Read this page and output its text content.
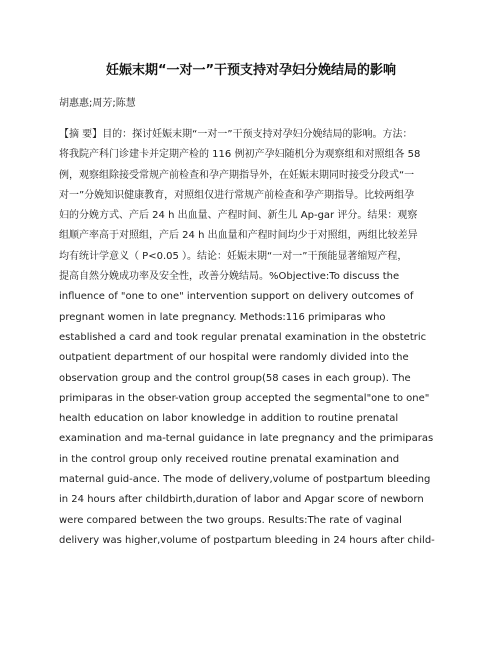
妊娠末期“一对一”干预支持对孕妇分娩结局的影响
胡惠惠;周芳;陈慧
【摘 要】目的：探讨妊娠末期“一对一”干预支持对孕妇分娩结局的影响。方法：
将我院产科门诊建卡并定期产检的 116 例初产孕妇随机分为观察组和对照组各 58
例，观察组除接受常规产前检查和孕产期指导外，在妊娠末期同时接受分段式“一
对一”分娩知识健康教育，对照组仅进行常规产前检查和孕产期指导。比较两组孕
妇的分娩方式、产后 24 h 出血量、产程时间、新生儿 Ap-gar 评分。结果：观察
组顺产率高于对照组，产后 24 h 出血量和产程时间均少于对照组，两组比较差异
均有统计学意义（ P<0.05 ）。结论：妊娠末期“一对一”干预能显著缩短产程，
提高自然分娩成功率及安全性，改善分娩结局。%Objective:To discuss the
influence of "one to one" intervention support on delivery outcomes of
pregnant women in late pregnancy. Methods:116 primiparas who
established a card and took regular prenatal examination in the obstetric
outpatient department of our hospital were randomly divided into the
observation group and the control group(58 cases in each group). The
primiparas in the obser-vation group accepted the segmental"one to one"
health education on labor knowledge in addition to routine prenatal
examination and ma-ternal guidance in late pregnancy and the primiparas
in the control group only received routine prenatal examination and
maternal guid-ance. The mode of delivery,volume of postpartum bleeding
in 24 hours after childbirth,duration of labor and Apgar score of newborn
were compared between the two groups. Results:The rate of vaginal
delivery was higher,volume of postpartum bleeding in 24 hours after child-
